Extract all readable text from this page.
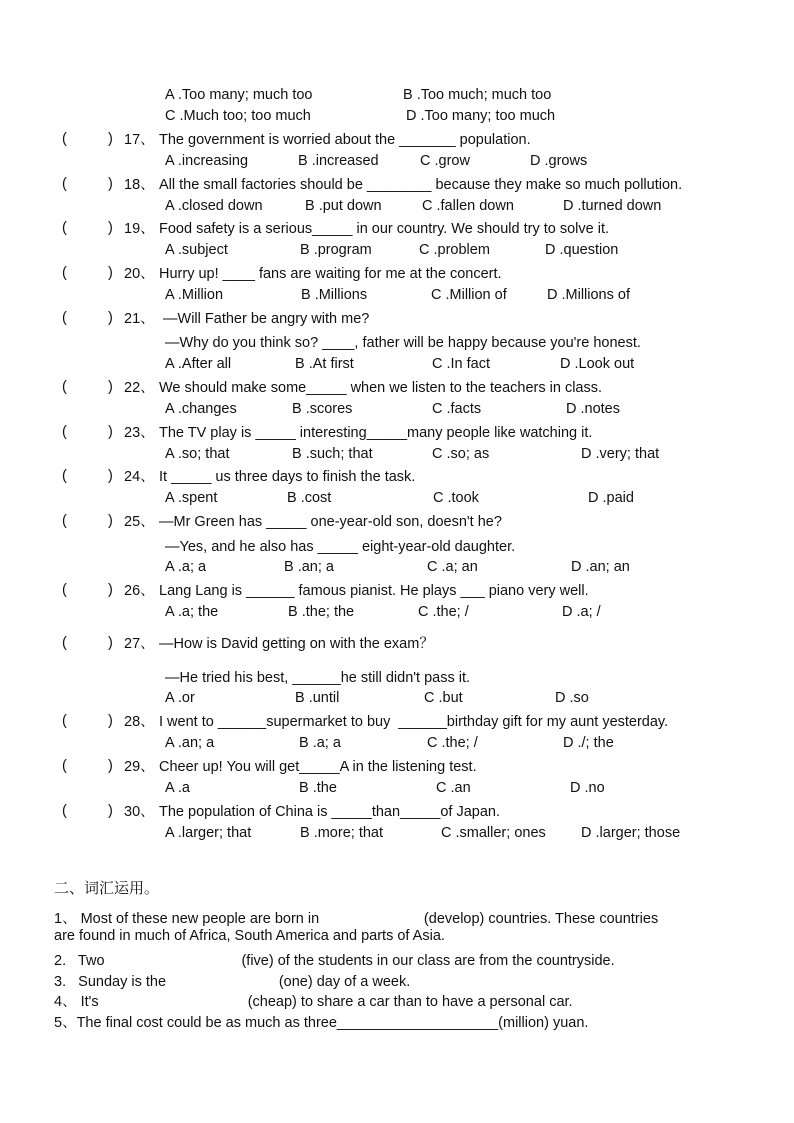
A .Too many; much too	B .Too much; much too
C .Much too; too much	D .Too many; too much
(	) 17、 The government is worried about the _______ population.
A .increasing	B .increased	C .grow	D .grows
(	) 18、 All the small factories should be ________ because they make so much pollution.
A .closed down	B .put down	C .fallen down	D .turned down
(	) 19、 Food safety is a serious_____ in our country. We should try to solve it.
A .subject	B .program	C .problem	D .question
(	) 20、 Hurry up! ____ fans are waiting for me at the concert.
A .Million	B .Millions	C .Million of	D .Millions of
(	) 21、 —Will Father be angry with me?
—Why do you think so? ____, father will be happy because you're honest.
A .After all	B .At first	C .In fact	D .Look out
(	) 22、 We should make some_____ when we listen to the teachers in class.
A .changes	B .scores	C .facts	D .notes
(	) 23、 The TV play is _____ interesting_____many people like watching it.
A .so; that	B .such; that	C .so; as	D .very; that
(	) 24、 It _____ us three days to finish the task.
A .spent	B .cost	C .took	D .paid
(	) 25、 —Mr Green has _____ one-year-old son, doesn't he?
—Yes, and he also has _____ eight-year-old daughter.
A .a; a	B .an; a	C .a; an	D .an; an
(	) 26、 Lang Lang is ______ famous pianist. He plays ___ piano very well.
A .a; the	B .the; the	C .the; /	D .a; /
(	) 27、 —How is David getting on with the exam？
—He tried his best, ______he still didn't pass it.
A .or	B .until	C .but	D .so
(	) 28、 I went to ______supermarket to buy  ______birthday gift for my aunt yesterday.
A .an; a	B .a; a	C .the; /	D ./; the
(	) 29、 Cheer up! You will get_____A in the listening test.
A .a	B .the	C .an	D .no
(	) 30、 The population of China is _____than_____of Japan.
A .larger; that	B .more; that	C .smaller; ones D .larger; those
二、词汇运用。
1、 Most of these new people are born in                          (develop) countries. These countries
are found in much of Africa, South America and parts of Asia.
2.   Two                                  (five) of the students in our class are from the countryside.
3.   Sunday is the                            (one) day of a week.
4、 It's                                     (cheap) to share a car than to have a personal car.
5、The final cost could be as much as three____________________(million) yuan.
